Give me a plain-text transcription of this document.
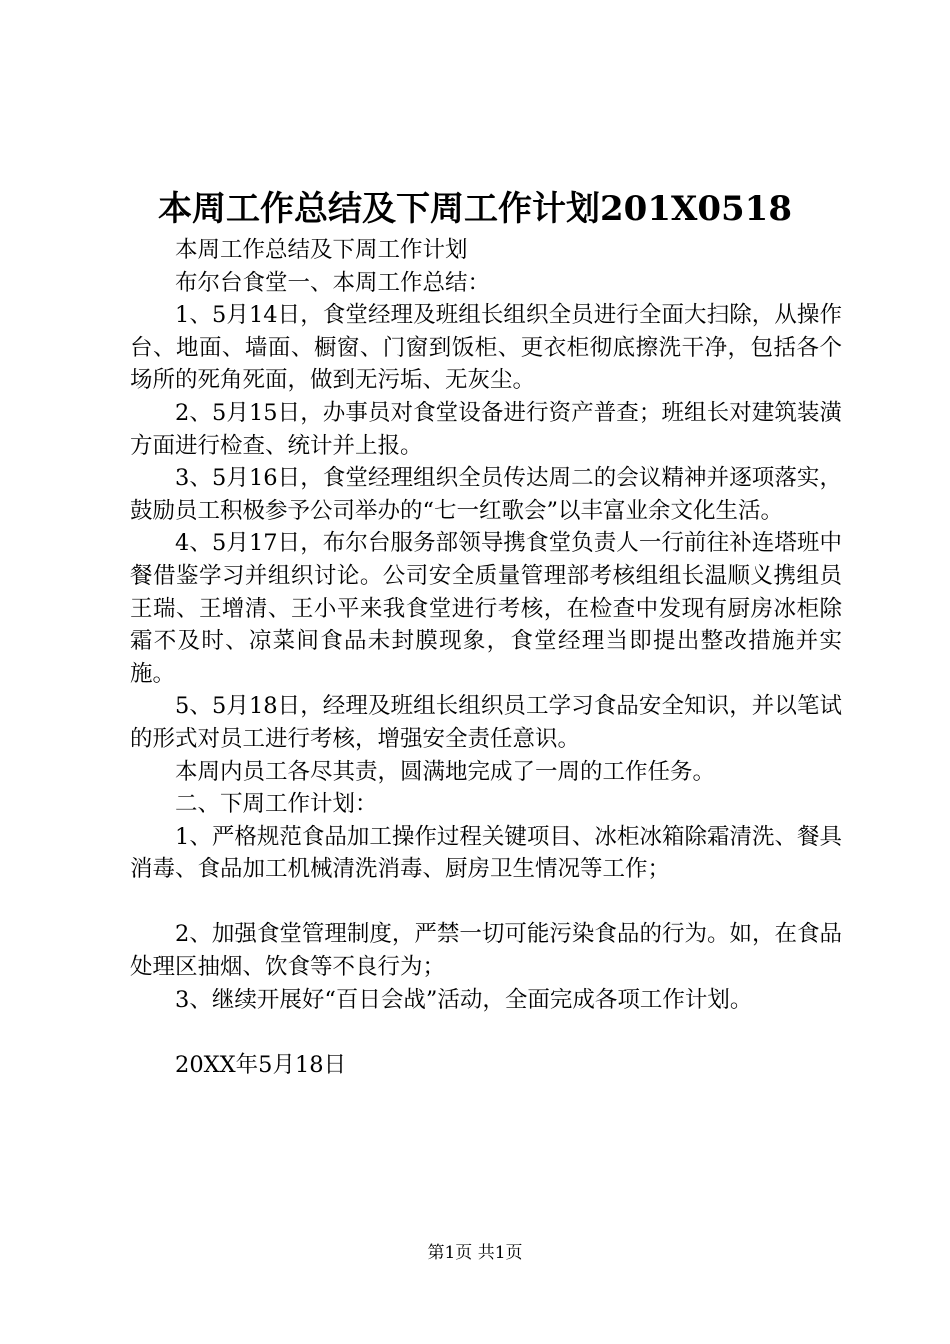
本周工作总结及下周工作计划201X0518

本周工作总结及下周工作计划

布尔台食堂一、本周工作总结：

1、5月14日，食堂经理及班组长组织全员进行全面大扫除，从操作台、地面、墙面、橱窗、门窗到饭柜、更衣柜彻底擦洗干净，包括各个场所的死角死面，做到无污垢、无灰尘。

2、5月15日，办事员对食堂设备进行资产普查；班组长对建筑装潢方面进行检查、统计并上报。

3、5月16日，食堂经理组织全员传达周二的会议精神并逐项落实，鼓励员工积极参予公司举办的“七一红歌会”以丰富业余文化生活。

4、5月17日，布尔台服务部领导携食堂负责人一行前往补连塔班中餐借鉴学习并组织讨论。公司安全质量管理部考核组组长温顺义携组员王瑞、王增清、王小平来我食堂进行考核，在检查中发现有厨房冰柜除霜不及时、凉菜间食品未封膜现象，食堂经理当即提出整改措施并实施。

5、5月18日，经理及班组长组织员工学习食品安全知识，并以笔试的形式对员工进行考核，增强安全责任意识。

本周内员工各尽其责，圆满地完成了一周的工作任务。

二、下周工作计划：

1、严格规范食品加工操作过程关键项目、冰柜冰箱除霜清洗、餐具消毒、食品加工机械清洗消毒、厨房卫生情况等工作；

2、加强食堂管理制度，严禁一切可能污染食品的行为。如，在食品处理区抽烟、饮食等不良行为；

3、继续开展好“百日会战”活动，全面完成各项工作计划。

20XX年5月18日

第1页 共1页
